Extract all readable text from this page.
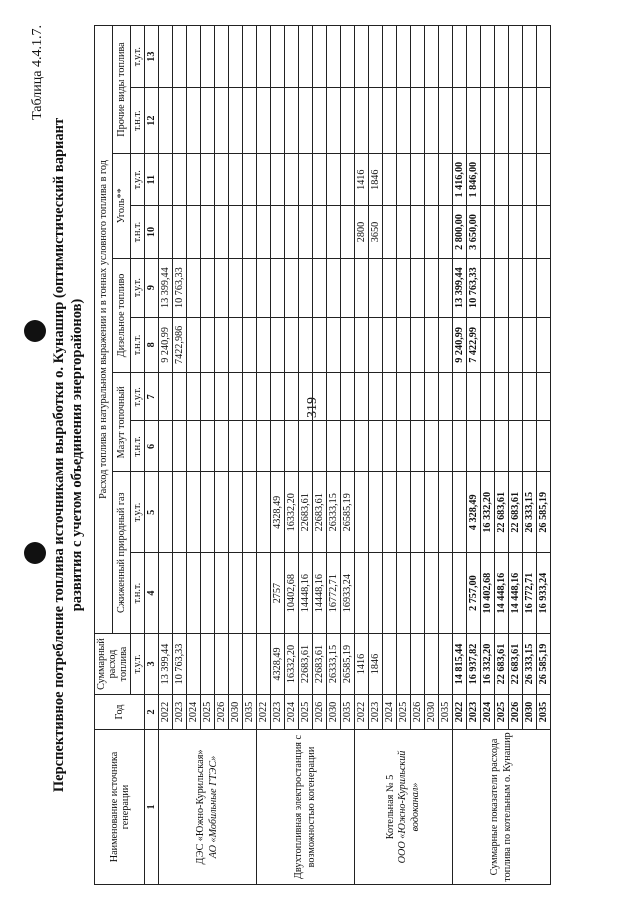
319
Таблица 4.4.1.7.
Перспективное потребление топлива источниками выработки о. Кунашир (оптимистический вариант развития с учетом объединения энергорайонов)
Наименование источника генерации	Год	Суммарный расход топлива	Расход топлива в натуральном выражении и в тоннах условного топлива в год									
			Сжиженный природный газ		Мазут топочный		Дизельное топливо		Уголь**		Прочие виды топлива	
		т.у.т.	т.н.т.	т.у.т.	т.н.т.	т.у.т.	т.н.т.	т.у.т.	т.н.т.	т.у.т.	т.н.т.	т.у.т.
1	2	3	4	5	6	7	8	9	10	11	12	13

ДЭС «Южно-Курильская» АО «Мобильные ГТЭС»	2022	13 399,44					9 240,99	13 399,44				
	2023	10 763,33					7422,986	10 763,33				
	2024											
	2025											
	2026											
	2030											
	2035											

Двухтопливная электростанция с возможностью когенерации	2022											
	2023	4328,49	2757	4328,49								
	2024	16332,20	10402,68	16332,20								
	2025	22683,61	14448,16	22683,61								
	2026	22683,61	14448,16	22683,61								
	2030	26333,15	16772,71	26333,15								
	2035	26585,19	16933,24	26585,19								

Котельная № 5 ООО «Южно-Курильский водоканал»	2022	1416							2800	1416		
	2023	1846							3650	1846		
	2024											
	2025											
	2026											
	2030											
	2035											

Суммарные показатели расхода топлива по котельным о. Кунашир	2022	14 815,44					9 240,99	13 399,44	2 800,00	1 416,00		
	2023	16 937,82	2 757,00	4 328,49			7 422,99	10 763,33	3 650,00	1 846,00		
	2024	16 332,20	10 402,68	16 332,20								
	2025	22 683,61	14 448,16	22 683,61								
	2026	22 683,61	14 448,16	22 683,61								
	2030	26 333,15	16 772,71	26 333,15								
	2035	26 585,19	16 933,24	26 585,19								
